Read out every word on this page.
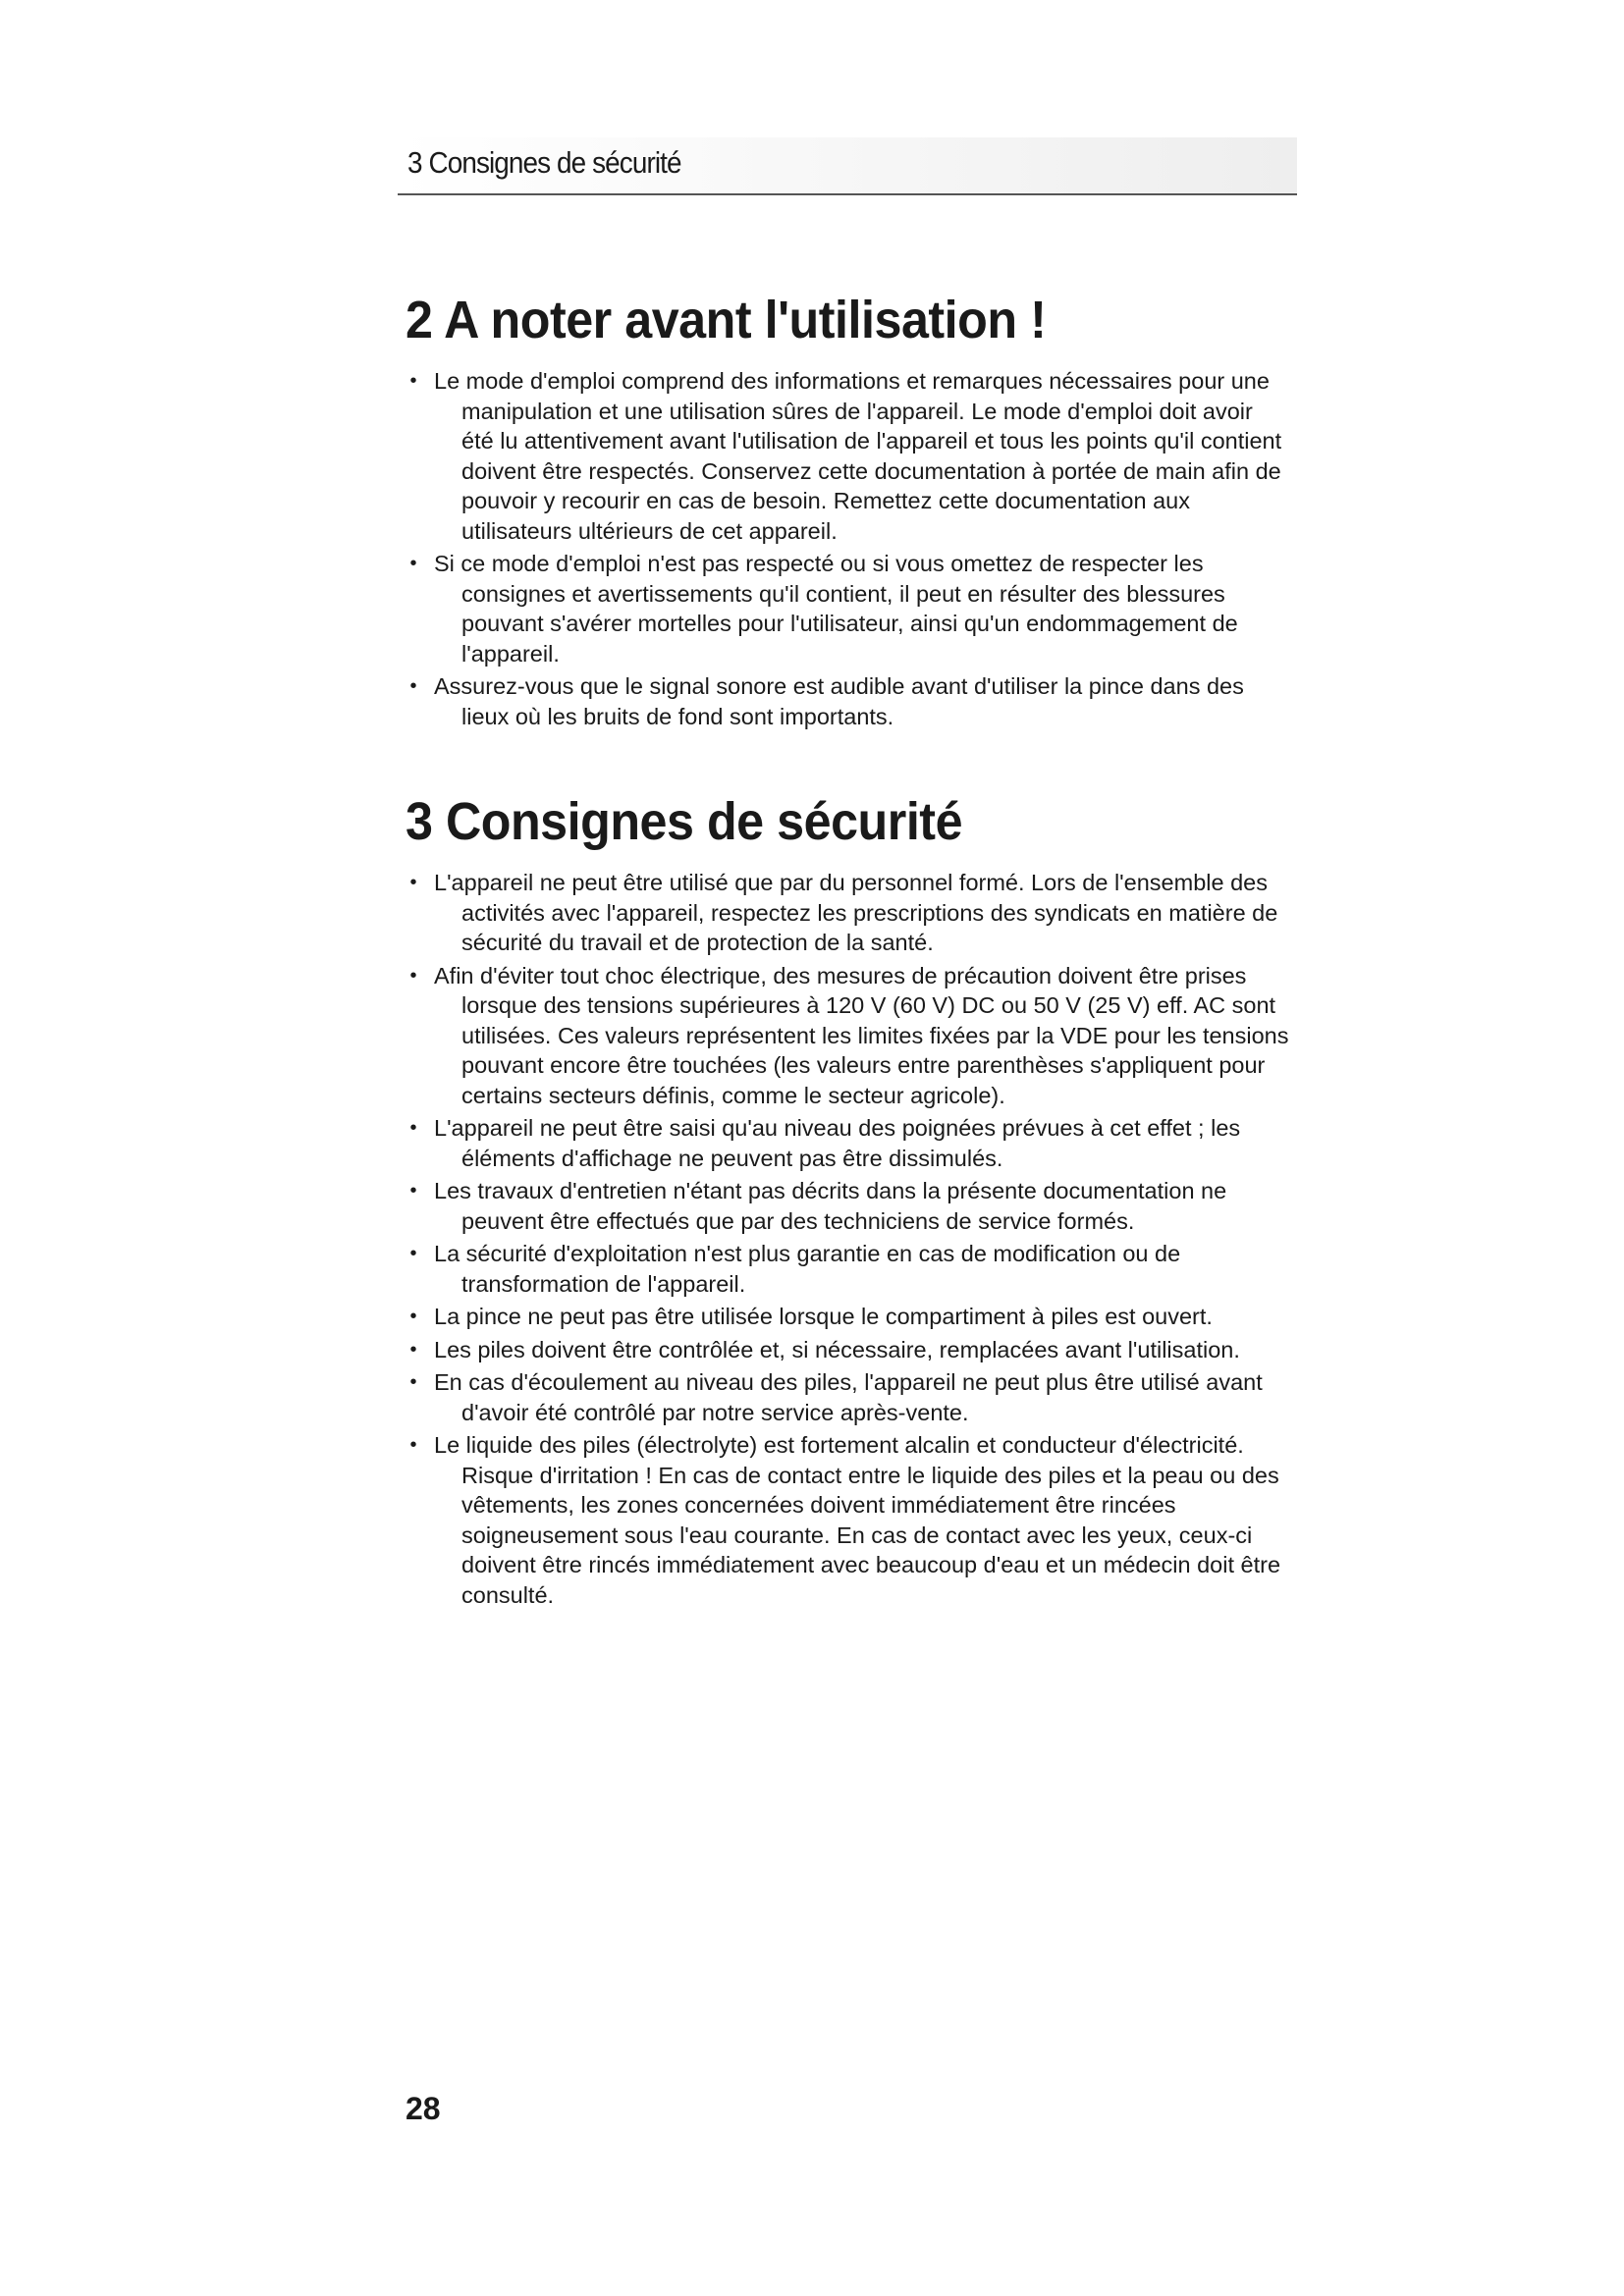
3 Consignes de sécurité
2 A noter avant l'utilisation !
• Le mode d'emploi comprend des informations et remarques nécessaires pour une manipulation et une utilisation sûres de l'appareil. Le mode d'emploi doit avoir été lu attentivement avant l'utilisation de l'appareil et tous les points qu'il contient doivent être respectés. Conservez cette documentation à portée de main afin de pouvoir y recourir en cas de besoin. Remettez cette documentation aux utilisateurs ultérieurs de cet appareil.
• Si ce mode d'emploi n'est pas respecté ou si vous omettez de respecter les consignes et avertissements qu'il contient, il peut en résulter des blessures pouvant s'avérer mortelles pour l'utilisateur, ainsi qu'un endommagement de l'appareil.
• Assurez-vous que le signal sonore est audible avant d'utiliser la pince dans des lieux où les bruits de fond sont importants.
3 Consignes de sécurité
• L'appareil ne peut être utilisé que par du personnel formé. Lors de l'ensemble des activités avec l'appareil, respectez les prescriptions des syndicats en matière de sécurité du travail et de protection de la santé.
• Afin d'éviter tout choc électrique, des mesures de précaution doivent être prises lorsque des tensions supérieures à 120 V (60 V) DC ou 50 V (25 V) eff. AC sont utilisées. Ces valeurs représentent les limites fixées par la VDE pour les tensions pouvant encore être touchées (les valeurs entre parenthèses s'appliquent pour certains secteurs définis, comme le secteur agricole).
• L'appareil ne peut être saisi qu'au niveau des poignées prévues à cet effet ; les éléments d'affichage ne peuvent pas être dissimulés.
• Les travaux d'entretien n'étant pas décrits dans la présente documentation ne peuvent être effectués que par des techniciens de service formés.
• La sécurité d'exploitation n'est plus garantie en cas de modification ou de transformation de l'appareil.
• La pince ne peut pas être utilisée lorsque le compartiment à piles est ouvert.
• Les piles doivent être contrôlée et, si nécessaire, remplacées avant l'utilisation.
• En cas d'écoulement au niveau des piles, l'appareil ne peut plus être utilisé avant d'avoir été contrôlé par notre service après-vente.
• Le liquide des piles (électrolyte) est fortement alcalin et conducteur d'électricité. Risque d'irritation ! En cas de contact entre le liquide des piles et la peau ou des vêtements, les zones concernées doivent immédiatement être rincées soigneusement sous l'eau courante. En cas de contact avec les yeux, ceux-ci doivent être rincés immédiatement avec beaucoup d'eau et un médecin doit être consulté.
28
